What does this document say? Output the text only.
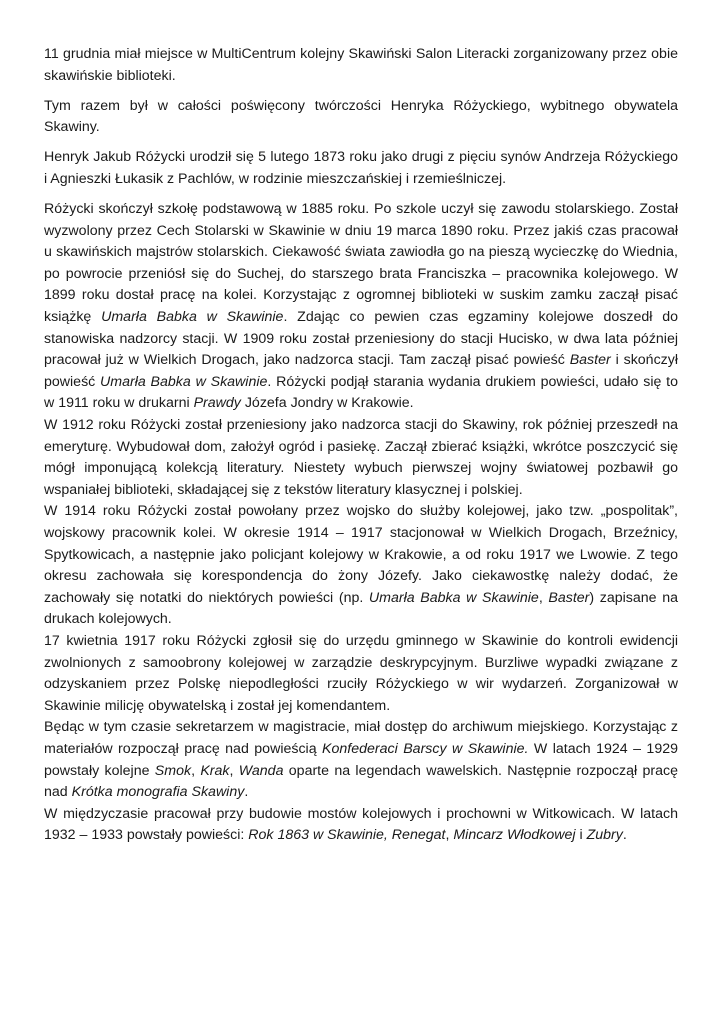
11 grudnia miał miejsce w MultiCentrum kolejny Skawiński Salon Literacki zorganizowany przez obie skawińskie biblioteki.

Tym razem był w całości poświęcony twórczości Henryka Różyckiego, wybitnego obywatela Skawiny.

Henryk Jakub Różycki urodził się 5 lutego 1873 roku jako drugi z pięciu synów Andrzeja Różyckiego i Agnieszki Łukasik z Pachlów, w rodzinie mieszczańskiej i rzemieślniczej.

Różycki skończył szkołę podstawową w 1885 roku. Po szkole uczył się zawodu stolarskiego. Został wyzwolony przez Cech Stolarski w Skawinie w dniu 19 marca 1890 roku. Przez jakiś czas pracował u skawińskich majstrów stolarskich. Ciekawość świata zawiodła go na pieszą wycieczkę do Wiednia, po powrocie przeniósł się do Suchej, do starszego brata Franciszka – pracownika kolejowego. W 1899 roku dostał pracę na kolei. Korzystając z ogromnej biblioteki w suskim zamku zaczął pisać książkę Umarła Babka w Skawinie. Zdając co pewien czas egzaminy kolejowe doszedł do stanowiska nadzorcy stacji. W 1909 roku został przeniesiony do stacji Hucisko, w dwa lata później pracował już w Wielkich Drogach, jako nadzorca stacji. Tam zaczął pisać powieść Baster i skończył powieść Umarła Babka w Skawinie. Różycki podjął starania wydania drukiem powieści, udało się to w 1911 roku w drukarni Prawdy Józefa Jondry w Krakowie.

W 1912 roku Różycki został przeniesiony jako nadzorca stacji do Skawiny, rok później przeszedł na emeryturę. Wybudował dom, założył ogród i pasiekę. Zaczął zbierać książki, wkrótce poszczycić się mógł imponującą kolekcją literatury. Niestety wybuch pierwszej wojny światowej pozbawił go wspaniałej biblioteki, składającej się z tekstów literatury klasycznej i polskiej.

W 1914 roku Różycki został powołany przez wojsko do służby kolejowej, jako tzw. „pospolitak”, wojskowy pracownik kolei. W okresie 1914 – 1917 stacjonował w Wielkich Drogach, Brzeźnicy, Spytkowicach, a następnie jako policjant kolejowy w Krakowie, a od roku 1917 we Lwowie. Z tego okresu zachowała się korespondencja do żony Józefy. Jako ciekawostkę należy dodać, że zachowały się notatki do niektórych powieści (np. Umarła Babka w Skawinie, Baster) zapisane na drukach kolejowych.

17 kwietnia 1917 roku Różycki zgłosił się do urzędu gminnego w Skawinie do kontroli ewidencji zwolnionych z samoobrony kolejowej w zarządzie deskrypcyjnym. Burzliwe wypadki związane z odzyskaniem przez Polskę niepodległości rzuciły Różyckiego w wir wydarzeń. Zorganizował w Skawinie milicję obywatelską i został jej komendantem.

Będąc w tym czasie sekretarzem w magistracie, miał dostęp do archiwum miejskiego. Korzystając z materiałów rozpoczął pracę nad powieścią Konfederaci Barscy w Skawinie. W latach 1924 – 1929 powstały kolejne Smok, Krak, Wanda oparte na legendach wawelskich. Następnie rozpoczął pracę nad Krótka monografia Skawiny.

W międzyczasie pracował przy budowie mostów kolejowych i prochowni w Witkowicach. W latach 1932 – 1933 powstały powieści: Rok 1863 w Skawinie, Renegat, Mincarz Włodkowej i Zubry.
